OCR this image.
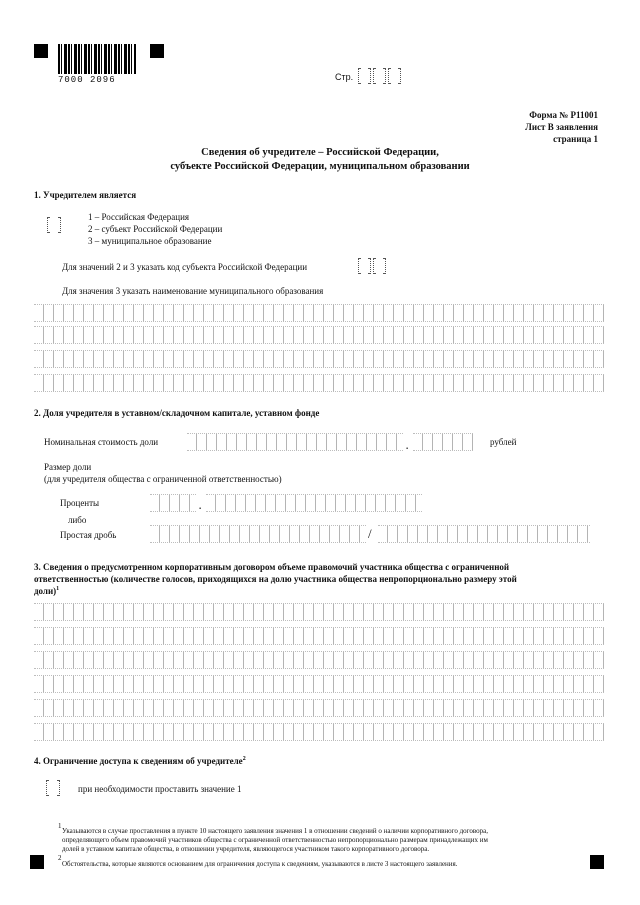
7000 2096	Стр.
Форма № Р11001
Лист В заявления
страница 1
Сведения об учредителе – Российской Федерации,
субъекте Российской Федерации, муниципальном образовании
1. Учредителем является
1 – Российская Федерация
2 – субъект Российской Федерации
3 – муниципальное образование
Для значений 2 и 3 указать код субъекта Российской Федерации
Для значения 3 указать наименование муниципального образования
2. Доля учредителя в уставном/складочном капитале, уставном фонде
Номинальная стоимость доли	.	рублей
Размер доли
(для учредителя общества с ограниченной ответственностью)
Проценты	.
либо
Простая дробь	/
3. Сведения о предусмотренном корпоративным договором объеме правомочий участника общества с ограниченной
ответственностью (количестве голосов, приходящихся на долю участника общества непропорционально размеру этой
доли)$^1$
4. Ограничение доступа к сведениям об учредителе$^2$
при необходимости проставить значение 1
1
Указываются в случае проставления в пункте 10 настоящего заявления значения 1 в отношении сведений о наличии корпоративного договора,
определяющего объем правомочий участников общества с ограниченной ответственностью непропорционально размерам принадлежащих им
долей в уставном капитале общества, в отношении учредителя, являющегося участником такого корпоративного договора.
2
Обстоятельства, которые являются основанием для ограничения доступа к сведениям, указываются в листе 3 настоящего заявления.
